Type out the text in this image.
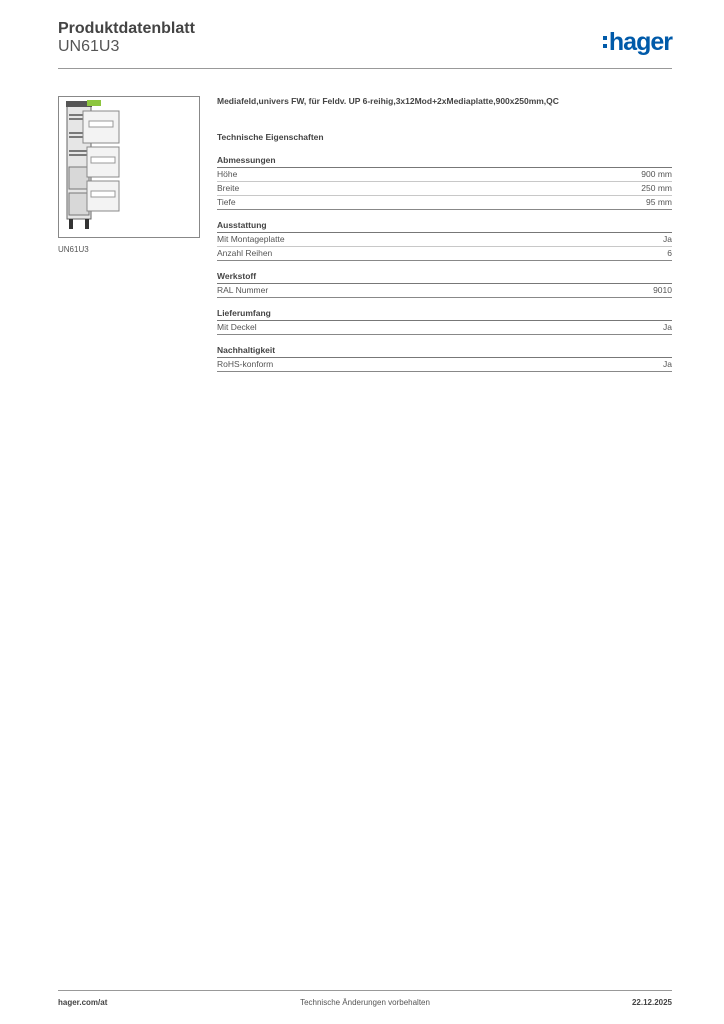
Produktdatenblatt
UN61U3	hager
UN61U3
Mediafeld,univers FW, für Feldv. UP 6-reihig,3x12Mod+2xMediaplatte,900x250mm,QC
Technische Eigenschaften
Abmessungen
Höhe	900 mm
Breite	250 mm
Tiefe	95 mm
Ausstattung
Mit Montageplatte	Ja
Anzahl Reihen	6
Werkstoff
RAL Nummer	9010
Lieferumfang
Mit Deckel	Ja
Nachhaltigkeit
RoHS-konform	Ja
hager.com/at	Technische Änderungen vorbehalten	22.12.2025
